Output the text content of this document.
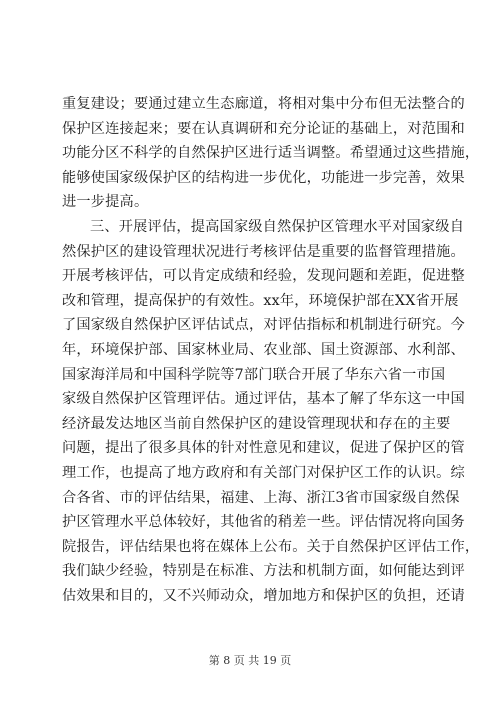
重复建设；要通过建立生态廊道，将相对集中分布但无法整合的
保护区连接起来；要在认真调研和充分论证的基础上，对范围和
功能分区不科学的自然保护区进行适当调整。希望通过这些措施，
能够使国家级保护区的结构进一步优化，功能进一步完善，效果
进一步提高。
三、开展评估，提高国家级自然保护区管理水平对国家级自
然保护区的建设管理状况进行考核评估是重要的监督管理措施。
开展考核评估，可以肯定成绩和经验，发现问题和差距，促进整
改和管理，提高保护的有效性。xx年，环境保护部在XX省开展
了国家级自然保护区评估试点，对评估指标和机制进行研究。今
年，环境保护部、国家林业局、农业部、国土资源部、水利部、
国家海洋局和中国科学院等7部门联合开展了华东六省一市国
家级自然保护区管理评估。通过评估，基本了解了华东这一中国
经济最发达地区当前自然保护区的建设管理现状和存在的主要
问题，提出了很多具体的针对性意见和建议，促进了保护区的管
理工作，也提高了地方政府和有关部门对保护区工作的认识。综
合各省、市的评估结果，福建、上海、浙江3省市国家级自然保
护区管理水平总体较好，其他省的稍差一些。评估情况将向国务
院报告，评估结果也将在媒体上公布。关于自然保护区评估工作，
我们缺少经验，特别是在标准、方法和机制方面，如何能达到评
估效果和目的，又不兴师动众，增加地方和保护区的负担，还请
第 8 页 共 19 页
